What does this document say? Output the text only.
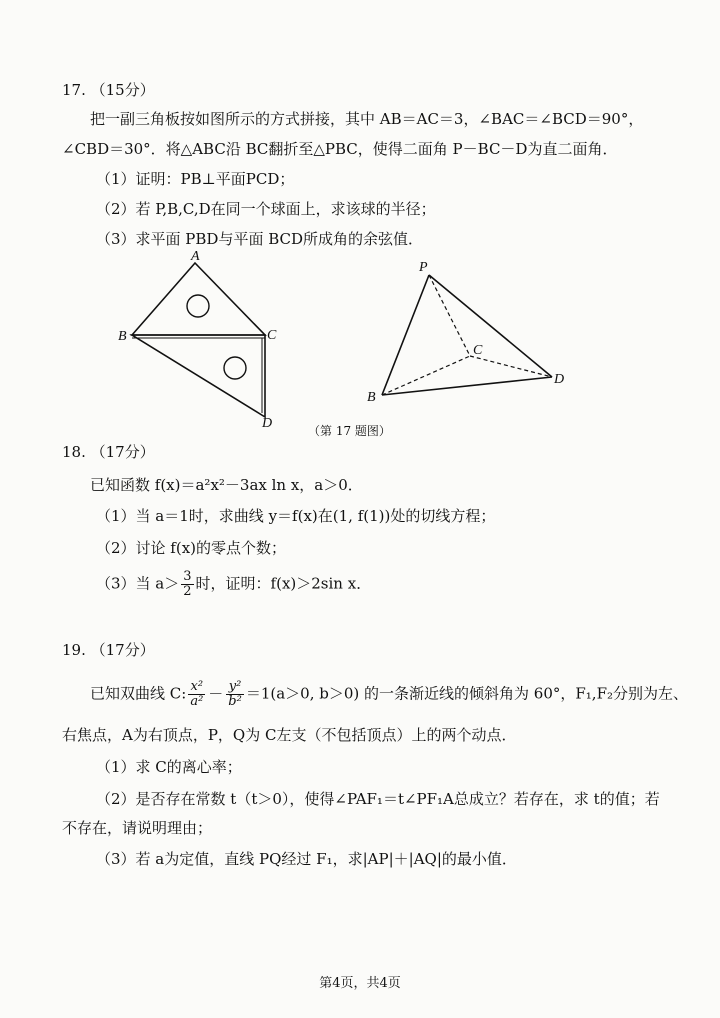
17. （15分）
把一副三角板按如图所示的方式拼接，其中 AB＝AC＝3，∠BAC＝∠BCD＝90°，
∠CBD＝30°．将△ABC沿 BC翻折至△PBC，使得二面角 P－BC－D为直二面角．
（1）证明：PB⊥平面PCD；
（2）若 P,B,C,D在同一个球面上，求该球的半径；
（3）求平面 PBD与平面 BCD所成角的余弦值．
A
B	C
D
P
B
C
D
（第 17 题图）
18. （17分）
已知函数 f(x)＝a²x²－3ax ln x，a＞0．
（1）当 a＝1时，求曲线 y＝f(x)在(1, f(1))处的切线方程；
（2）讨论 f(x)的零点个数；
（3）当 $a> \frac{3}{2}$ 时，证明：f(x)＞2sin x．
19. （17分）
已知双曲线 C: $\frac{\text{x²}}{\text{a²}} - \frac{\text{y²}}{\text{b²}} =1(a>0$, b＞0) 的一条渐近线的倾斜角为 60°，F₁,F₂分别为左、
右焦点，A为右顶点，P，Q为 C左支（不包括顶点）上的两个动点．
（1）求 C的离心率；
（2）是否存在常数 t（t＞0），使得∠PAF₁＝t∠PF₁A总成立？若存在，求 t的值；若
不存在，请说明理由；
（3）若 a为定值，直线 PQ经过 F₁，求|AP|＋|AQ|的最小值．
第4页，共4页
